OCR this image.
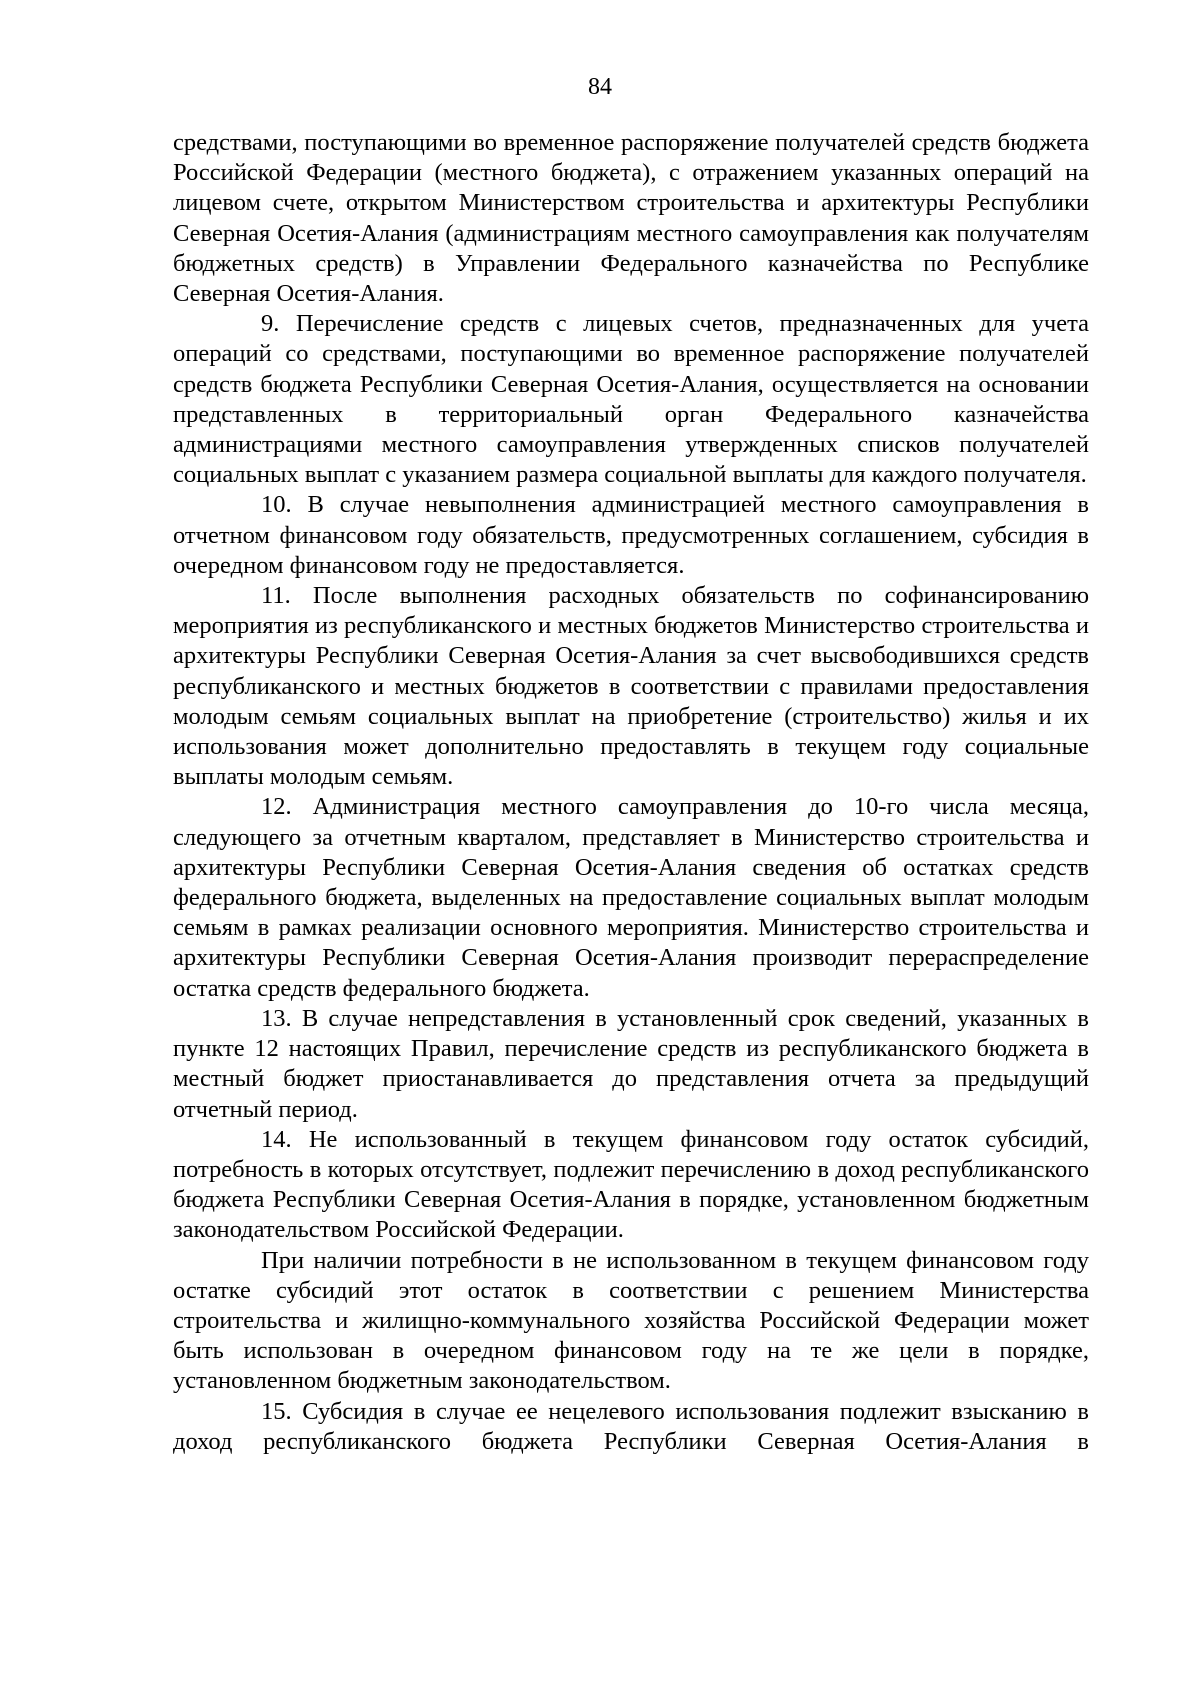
84

средствами, поступающими во временное распоряжение получателей средств бюджета Российской Федерации (местного бюджета), с отражением указанных операций на лицевом счете, открытом Министерством строительства и архитектуры Республики Северная Осетия-Алания (администрациям местного самоуправления как получателям бюджетных средств) в Управлении Федерального казначейства по Республике Северная Осетия-Алания.

9. Перечисление средств с лицевых счетов, предназначенных для учета операций со средствами, поступающими во временное распоряжение получателей средств бюджета Республики Северная Осетия-Алания, осуществляется на основании представленных в территориальный орган Федерального казначейства администрациями местного самоуправления утвержденных списков получателей социальных выплат с указанием размера социальной выплаты для каждого получателя.

10. В случае невыполнения администрацией местного самоуправления в отчетном финансовом году обязательств, предусмотренных соглашением, субсидия в очередном финансовом году не предоставляется.

11. После выполнения расходных обязательств по софинансированию мероприятия из республиканского и местных бюджетов Министерство строительства и архитектуры Республики Северная Осетия-Алания за счет высвободившихся средств республиканского и местных бюджетов в соответствии с правилами предоставления молодым семьям социальных выплат на приобретение (строительство) жилья и их использования может дополнительно предоставлять в текущем году социальные выплаты молодым семьям.

12. Администрация местного самоуправления до 10-го числа месяца, следующего за отчетным кварталом, представляет в Министерство строительства и архитектуры Республики Северная Осетия-Алания сведения об остатках средств федерального бюджета, выделенных на предоставление социальных выплат молодым семьям в рамках реализации основного мероприятия. Министерство строительства и архитектуры Республики Северная Осетия-Алания производит перераспределение остатка средств федерального бюджета.

13. В случае непредставления в установленный срок сведений, указанных в пункте 12 настоящих Правил, перечисление средств из республиканского бюджета в местный бюджет приостанавливается до представления отчета за предыдущий отчетный период.

14. Не использованный в текущем финансовом году остаток субсидий, потребность в которых отсутствует, подлежит перечислению в доход республиканского бюджета Республики Северная Осетия-Алания в порядке, установленном бюджетным законодательством Российской Федерации.

При наличии потребности в не использованном в текущем финансовом году остатке субсидий этот остаток в соответствии с решением Министерства строительства и жилищно-коммунального хозяйства Российской Федерации может быть использован в очередном финансовом году на те же цели в порядке, установленном бюджетным законодательством.

15. Субсидия в случае ее нецелевого использования подлежит взысканию в доход республиканского бюджета Республики Северная Осетия-Алания в
